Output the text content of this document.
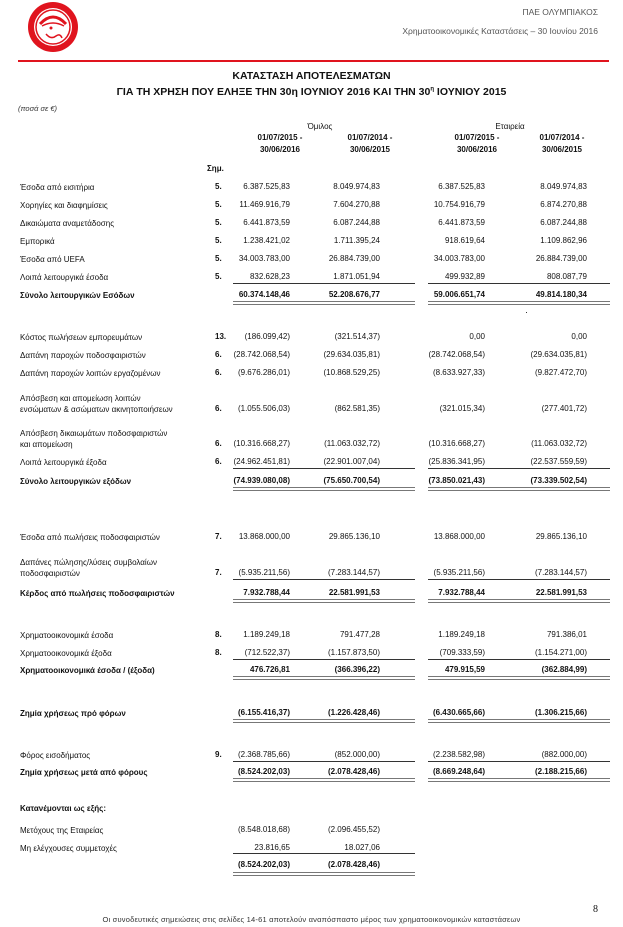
ΠΑΕ ΟΛΥΜΠΙΑΚΟΣ
Χρηματοοικονομικές Καταστάσεις – 30 Ιουνίου 2016
ΚΑΤΑΣΤΑΣΗ ΑΠΟΤΕΛΕΣΜΑΤΩΝ
ΓΙΑ ΤΗ ΧΡΗΣΗ ΠΟΥ ΕΛΗΞΕ ΤΗΝ 30η ΙΟΥΝΙΟΥ 2016 ΚΑΙ ΤΗΝ $30^\eta$ ΙΟΥΝΙΟΥ 2015
(ποσά σε €)
Όμιλος	Εταιρεία
01/07/2015 -
30/06/2016
01/07/2014 -
30/06/2015
01/07/2015 -
30/06/2016
01/07/2014 -
30/06/2015
Σημ.
Έσοδα από εισιτήρια	5.	6.387.525,83	8.049.974,83	6.387.525,83	8.049.974,83
Χορηγίες και διαφημίσεις	5.	11.469.916,79	7.604.270,88	10.754.916,79	6.874.270,88
Δικαιώματα αναμετάδοσης	5.	6.441.873,59	6.087.244,88	6.441.873,59	6.087.244,88
Εμπορικά	5.	1.238.421,02	1.711.395,24	918.619,64	1.109.862,96
Έσοδα από UEFA	5.	34.003.783,00	26.884.739,00	34.003.783,00	26.884.739,00
Λοιπά λειτουργικά έσοδα	5.	832.628,23	1.871.051,94	499.932,89	808.087,79
Σύνολο λειτουργικών Εσόδων	60.374.148,46	52.208.676,77	59.006.651,74	49.814.180,34
Κόστος πωλήσεων εμπορευμάτων	13.	(186.099,42)	(321.514,37)	0,00	0,00
Δαπάνη παροχών ποδοσφαιριστών	6.	(28.742.068,54)	(29.634.035,81)	(28.742.068,54)	(29.634.035,81)
Δαπάνη παροχών λοιπών εργαζομένων	6.	(9.676.286,01)	(10.868.529,25)	(8.633.927,33)	(9.827.472,70)
Απόσβεση και απομείωση λοιπών
ενσώματων & ασώματων ακινητοποιήσεων	6.	(1.055.506,03)	(862.581,35)	(321.015,34)	(277.401,72)
Απόσβεση δικαιωμάτων ποδοσφαιριστών
και απομείωση	6.	(10.316.668,27)	(11.063.032,72)	(10.316.668,27)	(11.063.032,72)
Λοιπά λειτουργικά έξοδα	6.	(24.962.451,81)	(22.901.007,04)	(25.836.341,95)	(22.537.559,59)
Σύνολο λειτουργικών εξόδων	(74.939.080,08)	(75.650.700,54)	(73.850.021,43)	(73.339.502,54)
Έσοδα από πωλήσεις ποδοσφαιριστών	7.	13.868.000,00	29.865.136,10	13.868.000,00	29.865.136,10
Δαπάνες πώλησης/λύσεις συμβολαίων
ποδοσφαιριστών	7.	(5.935.211,56)	(7.283.144,57)	(5.935.211,56)	(7.283.144,57)
Κέρδος από πωλήσεις ποδοσφαιριστών	7.932.788,44	22.581.991,53	7.932.788,44	22.581.991,53
Χρηματοοικονομικά έσοδα	8.	1.189.249,18	791.477,28	1.189.249,18	791.386,01
Χρηματοοικονομικά έξοδα	8.	(712.522,37)	(1.157.873,50)	(709.333,59)	(1.154.271,00)
Χρηματοοικονομικά έσοδα / (έξοδα)	476.726,81	(366.396,22)	479.915,59	(362.884,99)
Ζημία χρήσεως πρό φόρων	(6.155.416,37)	(1.226.428,46)	(6.430.665,66)	(1.306.215,66)
Φόρος εισοδήματος	9.	(2.368.785,66)	(852.000,00)	(2.238.582,98)	(882.000,00)
Ζημία χρήσεως μετά από φόρους	(8.524.202,03)	(2.078.428,46)	(8.669.248,64)	(2.188.215,66)
Κατανέμονται ως εξής:
Μετόχους της Εταιρείας	(8.548.018,68)	(2.096.455,52)
Μη ελέγχουσες συμμετοχές	23.816,65	18.027,06
(8.524.202,03)	(2.078.428,46)
8
Οι συνοδευτικές σημειώσεις στις σελίδες 14-61 αποτελούν αναπόσπαστο μέρος των χρηματοοικονομικών καταστάσεων
